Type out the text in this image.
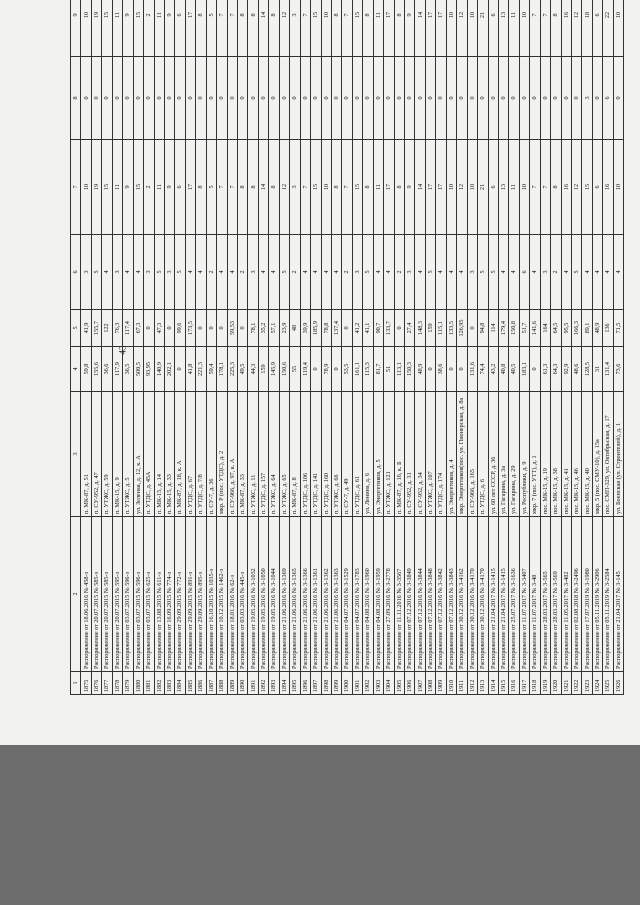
43
1	2	3	4	5	6	7	8	9
1875	Распоряжение от 18.06.2016 № 458-з	п. МК-87, д. 51	59,8	41,9	3	10	0	10
1876	Распоряжение от 20.07.2015 № 585-з	п. СУ-952, д. 47	155,6	155,7	5	19	0	19
1877	Распоряжение от 20.07.2015 № 585-з	п. УТЖС, д. 59	36,6	122	4	15	0	15
1878	Распоряжение от 20.07.2015 № 595-з	п. МК-15, д. 9	117,9	76,3	3	11	0	11
1879	Распоряжение от 03.07.2015 № 596-з	п. УТЖС, д. 5	36,5	117,4	4	9	0	9
1880	Распоряжение от 03.07.2015 № 596-з	ул. Зеленая, д. 12, к. А	500,5	67,3	4	15	0	15
1881	Распоряжение от 03.07.2015 № 625-з	п. УТДС, д. 45А	93,95	0	3	2	0	2
1882	Распоряжение от 13.08.2015 № 611-з	п. МК-15, д. 14	140,9	47,3	5	11	0	11
1883	Распоряжение от 16.09.2015 № 774-з	п. МК-15, д. 33	202,1	0	3	9	0	9
1884	Распоряжение от 29.09.2015 № 772-з	п. МК-87, д. 18, к. А	0	99,6	5	6	0	6
1885	Распоряжение от 29.09.2015 № 891-з	п. УТДС, д. 67	41,8	173,5	4	17	0	17
1886	Распоряжение от 29.09.2015 № 895-з	п. УТДС, д. 7/8	221,3	0	4	8	0	8
1887	Распоряжение от 16.10.2015 № 1035-з	п. СУ-7, д. 36	59,4	0	2	5	0	5
1888	Распоряжение от 10.12.2015 № 1462-з	мкр. Р (пос. УТДС), д. 2	178,1	0	4	7	0	7
1889	Распоряжение от 18.01.2016 № 62-з	п. СУ-966, д. 97, к. А	225,3	59,53	4	7	0	7
1890	Распоряжение от 03.03.2016 № 445-з	п. МК-87, д. 33	49,5	0	2	8	0	8
1891	Распоряжение от 19.05.2016 № 3-1032	п. УТЖС, д. 11	44,3	78,1	3	8	0	8
1892	Распоряжение от 19.05.2016 № 3-1050	п. УТДС, д. 157	159	35,2	4	14	0	14
1893	Распоряжение от 19.05.2016 № 3-1044	п. УТЖС, д. 64	145,9	57,1	4	8	0	8
1894	Распоряжение от 21.06.2016 № 3-1369	п. УТЖС, д. 65	150,6	23,9	5	12	0	12
1895	Распоряжение от 21.06.2016 № 3-1365	п. МК-87, д. 8	55	48	2	3	0	3
1896	Распоряжение от 21.06.2016 № 3-1366	п. УТДС, д. 106	119,4	39,9	4	7	0	7
1897	Распоряжение от 21.06.2016 № 3-1361	п. УТДС, д. 141	0	185,9	4	15	0	15
1898	Распоряжение от 21.06.2016 № 3-1362	п. УТДС, д. 160	78,9	78,8	4	10	0	10
1899	Распоряжение от 21.06.2016 № 3-1363	п. УТЖС, д. 66	0	137,4	4	8	0	8
1900	Распоряжение от 04.07.2016 № 3-1529	п. СУ-7, д. 49	53,5	0	2	7	0	7
1901	Распоряжение от 04.07.2016 № 3-1783	п. УТДС, д. 61	161,1	41,2	3	15	0	15
1902	Распоряжение от 04.08.2016 № 3-1960	ул. Ленина, д. 6	115,3	41,1	5	8	0	8
1903	Распоряжение от 04.08.2016 № 3-1959	ул. Энергетиков, д. 5	81,7	90,7	4	11	0	11
1904	Распоряжение от 27.09.2016 № 3-2778	п. УТЖС, д. 121	51	133,7	4	17	0	17
1905	Распоряжение от 11.11.2016 № 3-3567	п. МК-87, д. 16, к. Б	113,1	0	2	8	0	8
1906	Распоряжение от 07.12.2016 № 3-3849	п. СУ-952, д. 31	150,3	27,4	3	9	0	9
1907	Распоряжение от 07.12.2016 № 3-3844	п. СУ-952, д. 34	48,9	148,3	4	14	0	14
1908	Распоряжение от 07.12.2016 № 3-3848	п. УТЖС, д. 107	0	159	5	17	0	17
1909	Распоряжение от 07.12.2016 № 3-3842	п. УТДС, д. 174	38,6	115,1	4	17	0	17
1910	Распоряжение от 07.12.2016 № 3-3843	ул. Энергетиков, д. 4	0	133,5	4	10	0	10
1911	Распоряжение от 30.12.2016 № 3-4162	мкр. Энергетиков(пос. ул. Пионерская, д. 8а	0	126,95	4	12	0	12
1912	Распоряжение от 30.12.2016 № 3-4170	п. СУ-966, д. 165	131,6	0	3	10	0	10
1913	Распоряжение от 30.12.2016 № 3-4170	п. УТДС, д. 6	74,4	94,8	5	21	0	21
1914	Распоряжение от 21.04.2017 № 3-1415	ул. 60 лет СССР, д. 36	43,2	114	5	6	0	6
1915	Распоряжение от 21.04.2017 № 3-1415	ул. Гагарина, д. 3а	40,8	179,4	4	13	0	13
1916	Распоряжение от 25.07.2017 № 3-1636	ул. Гагарина, д. 29	40,5	150,8	4	11	0	11
1917	Распоряжение от 11.07.2017 № 3-3407	ул. Республики, д. 9	183,1	51,7	6	10	0	10
1918	Распоряжение от 11.07.2017 № 3-48	мкр. 7 (пос. УТТ), д. 1	0	141,6	4	7	0	7
1919	Распоряжение от 28.03.2017 № 3-565	пос. МК-15, д. 19	61,3	164	3	7	0	7
1920	Распоряжение от 28.03.2017 № 3-569	пос. МК-15, д. 38	64,3	64,5	2	8	0	8
1921	Распоряжение от 11.05.2017 № 3-482	пос. МК-15, д. 41	92,9	95,5	4	16	0	16
1922	Распоряжение от 02.08.2018 № 3-2496	пос. МК-15, д. 46	48,6	166,3	5	12	0	12
1923	Распоряжение от 17.07.2019 № 3-1980	пос. МК-15, д. 40	128,5	89,1	4	15	3	18
1924	Распоряжение от 05.11.2019 № 3-2906	мкр. 5 (пос. СМУ-10), д. 15а	31	48,9	4	6	0	6
1925	Распоряжение от 05.11.2019 № 3-2584	пос. СМП-329, ул. Октябрьская, д. 17	131,4	136	4	16	6	22
1926	Распоряжение от 21.04.2017 № 3-145	ул. Боенская (ул. Строителей), д. 1	73,6	71,5	4	10	0	10
